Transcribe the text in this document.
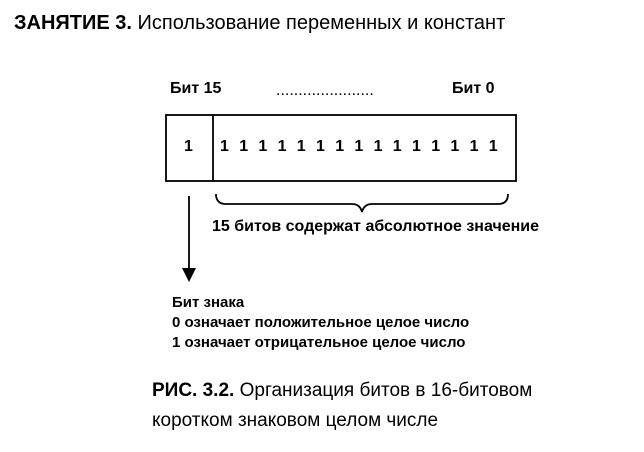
ЗАНЯТИЕ 3. Использование переменных и констант
Бит 15	......................	Бит 0
1 1 1 1 1 1 1 1 1 1 1 1 1 1 1 1
15 битов содержат абсолютное значение
Бит знака
0 означает положительное целое число
1 означает отрицательное целое число
РИС. 3.2. Организация битов в 16-битовом
коротком знаковом целом числе
